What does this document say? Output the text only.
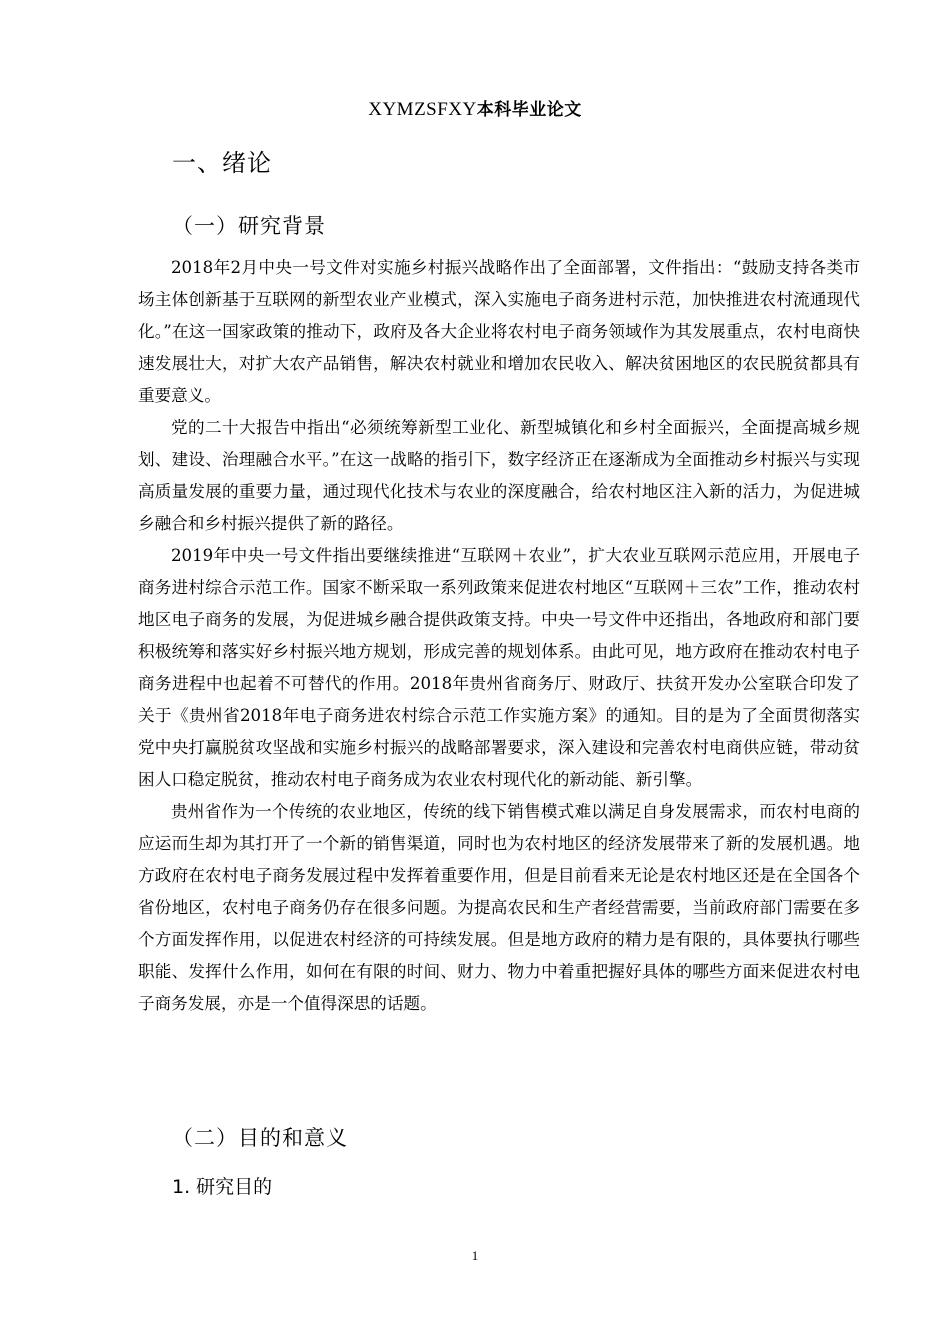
XYMZSFXY本科毕业论文
一、绪论
（一）研究背景

2018年2月中央一号文件对实施乡村振兴战略作出了全面部署，文件指出：“鼓励支持各类市场主体创新基于互联网的新型农业产业模式，深入实施电子商务进村示范，加快推进农村流通现代化。”在这一国家政策的推动下，政府及各大企业将农村电子商务领域作为其发展重点，农村电商快速发展壮大，对扩大农产品销售，解决农村就业和增加农民收入、解决贫困地区的农民脱贫都具有重要意义。

党的二十大报告中指出“必须统筹新型工业化、新型城镇化和乡村全面振兴，全面提高城乡规划、建设、治理融合水平。”在这一战略的指引下，数字经济正在逐渐成为全面推动乡村振兴与实现高质量发展的重要力量，通过现代化技术与农业的深度融合，给农村地区注入新的活力，为促进城乡融合和乡村振兴提供了新的路径。

2019年中央一号文件指出要继续推进“互联网＋农业”，扩大农业互联网示范应用，开展电子商务进村综合示范工作。国家不断采取一系列政策来促进农村地区“互联网＋三农”工作，推动农村地区电子商务的发展，为促进城乡融合提供政策支持。中央一号文件中还指出，各地政府和部门要积极统筹和落实好乡村振兴地方规划，形成完善的规划体系。由此可见，地方政府在推动农村电子商务进程中也起着不可替代的作用。2018年贵州省商务厅、财政厅、扶贫开发办公室联合印发了关于《贵州省2018年电子商务进农村综合示范工作实施方案》的通知。目的是为了全面贯彻落实党中央打赢脱贫攻坚战和实施乡村振兴的战略部署要求，深入建设和完善农村电商供应链，带动贫困人口稳定脱贫，推动农村电子商务成为农业农村现代化的新动能、新引擎。

贵州省作为一个传统的农业地区，传统的线下销售模式难以满足自身发展需求，而农村电商的应运而生却为其打开了一个新的销售渠道，同时也为农村地区的经济发展带来了新的发展机遇。地方政府在农村电子商务发展过程中发挥着重要作用，但是目前看来无论是农村地区还是在全国各个省份地区，农村电子商务仍存在很多问题。为提高农民和生产者经营需要，当前政府部门需要在多个方面发挥作用，以促进农村经济的可持续发展。但是地方政府的精力是有限的，具体要执行哪些职能、发挥什么作用，如何在有限的时间、财力、物力中着重把握好具体的哪些方面来促进农村电子商务发展，亦是一个值得深思的话题。

（二）目的和意义
1. 研究目的
1
